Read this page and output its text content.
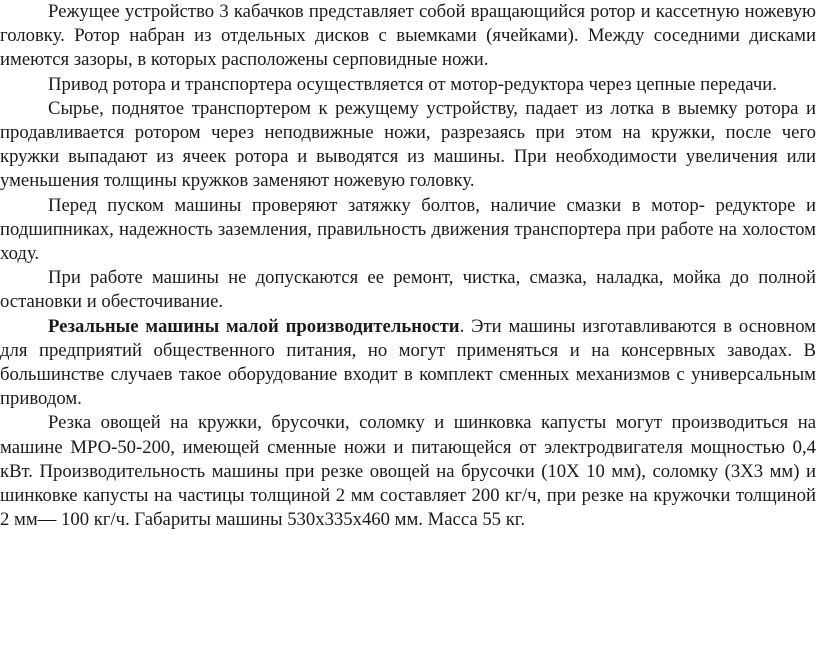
Режущее устройство 3 кабачков представляет собой вращающийся ротор и кассетную ножевую головку. Ротор набран из отдельных дисков с выемками (ячейками). Между соседними дисками имеются зазоры, в которых расположены серповидные ножи.

Привод ротора и транспортера осуществляется от мотор-редуктора через цепные передачи.

Сырье, поднятое транспортером к режущему устройству, падает из лотка в выемку ротора и продавливается ротором через неподвижные ножи, разрезаясь при этом на кружки, после чего кружки выпадают из ячеек ротора и выводятся из машины. При необходимости увеличения или уменьшения толщины кружков заменяют ножевую головку.

Перед пуском машины проверяют затяжку болтов, наличие смазки в мотор- редукторе и подшипниках, надежность заземления, правильность движения транспортера при работе на холостом ходу.

При работе машины не допускаются ее ремонт, чистка, смазка, наладка, мойка до полной остановки и обесточивание.

Резальные машины малой производительности. Эти машины изготавливаются в основном для предприятий общественного питания, но могут применяться и на консервных заводах. В большинстве случаев такое оборудование входит в комплект сменных механизмов с универсальным приводом.

Резка овощей на кружки, брусочки, соломку и шинковка капусты могут производиться на машине МРО-50-200, имеющей сменные ножи и питающейся от электродвигателя мощностью 0,4 кВт. Производительность машины при резке овощей на брусочки (10Х 10 мм), соломку (3Х3 мм) и шинковке капусты на частицы толщиной 2 мм составляет 200 кг/ч, при резке на кружочки толщиной 2 мм— 100 кг/ч. Габариты машины 530х335х460 мм. Масса 55 кг.
